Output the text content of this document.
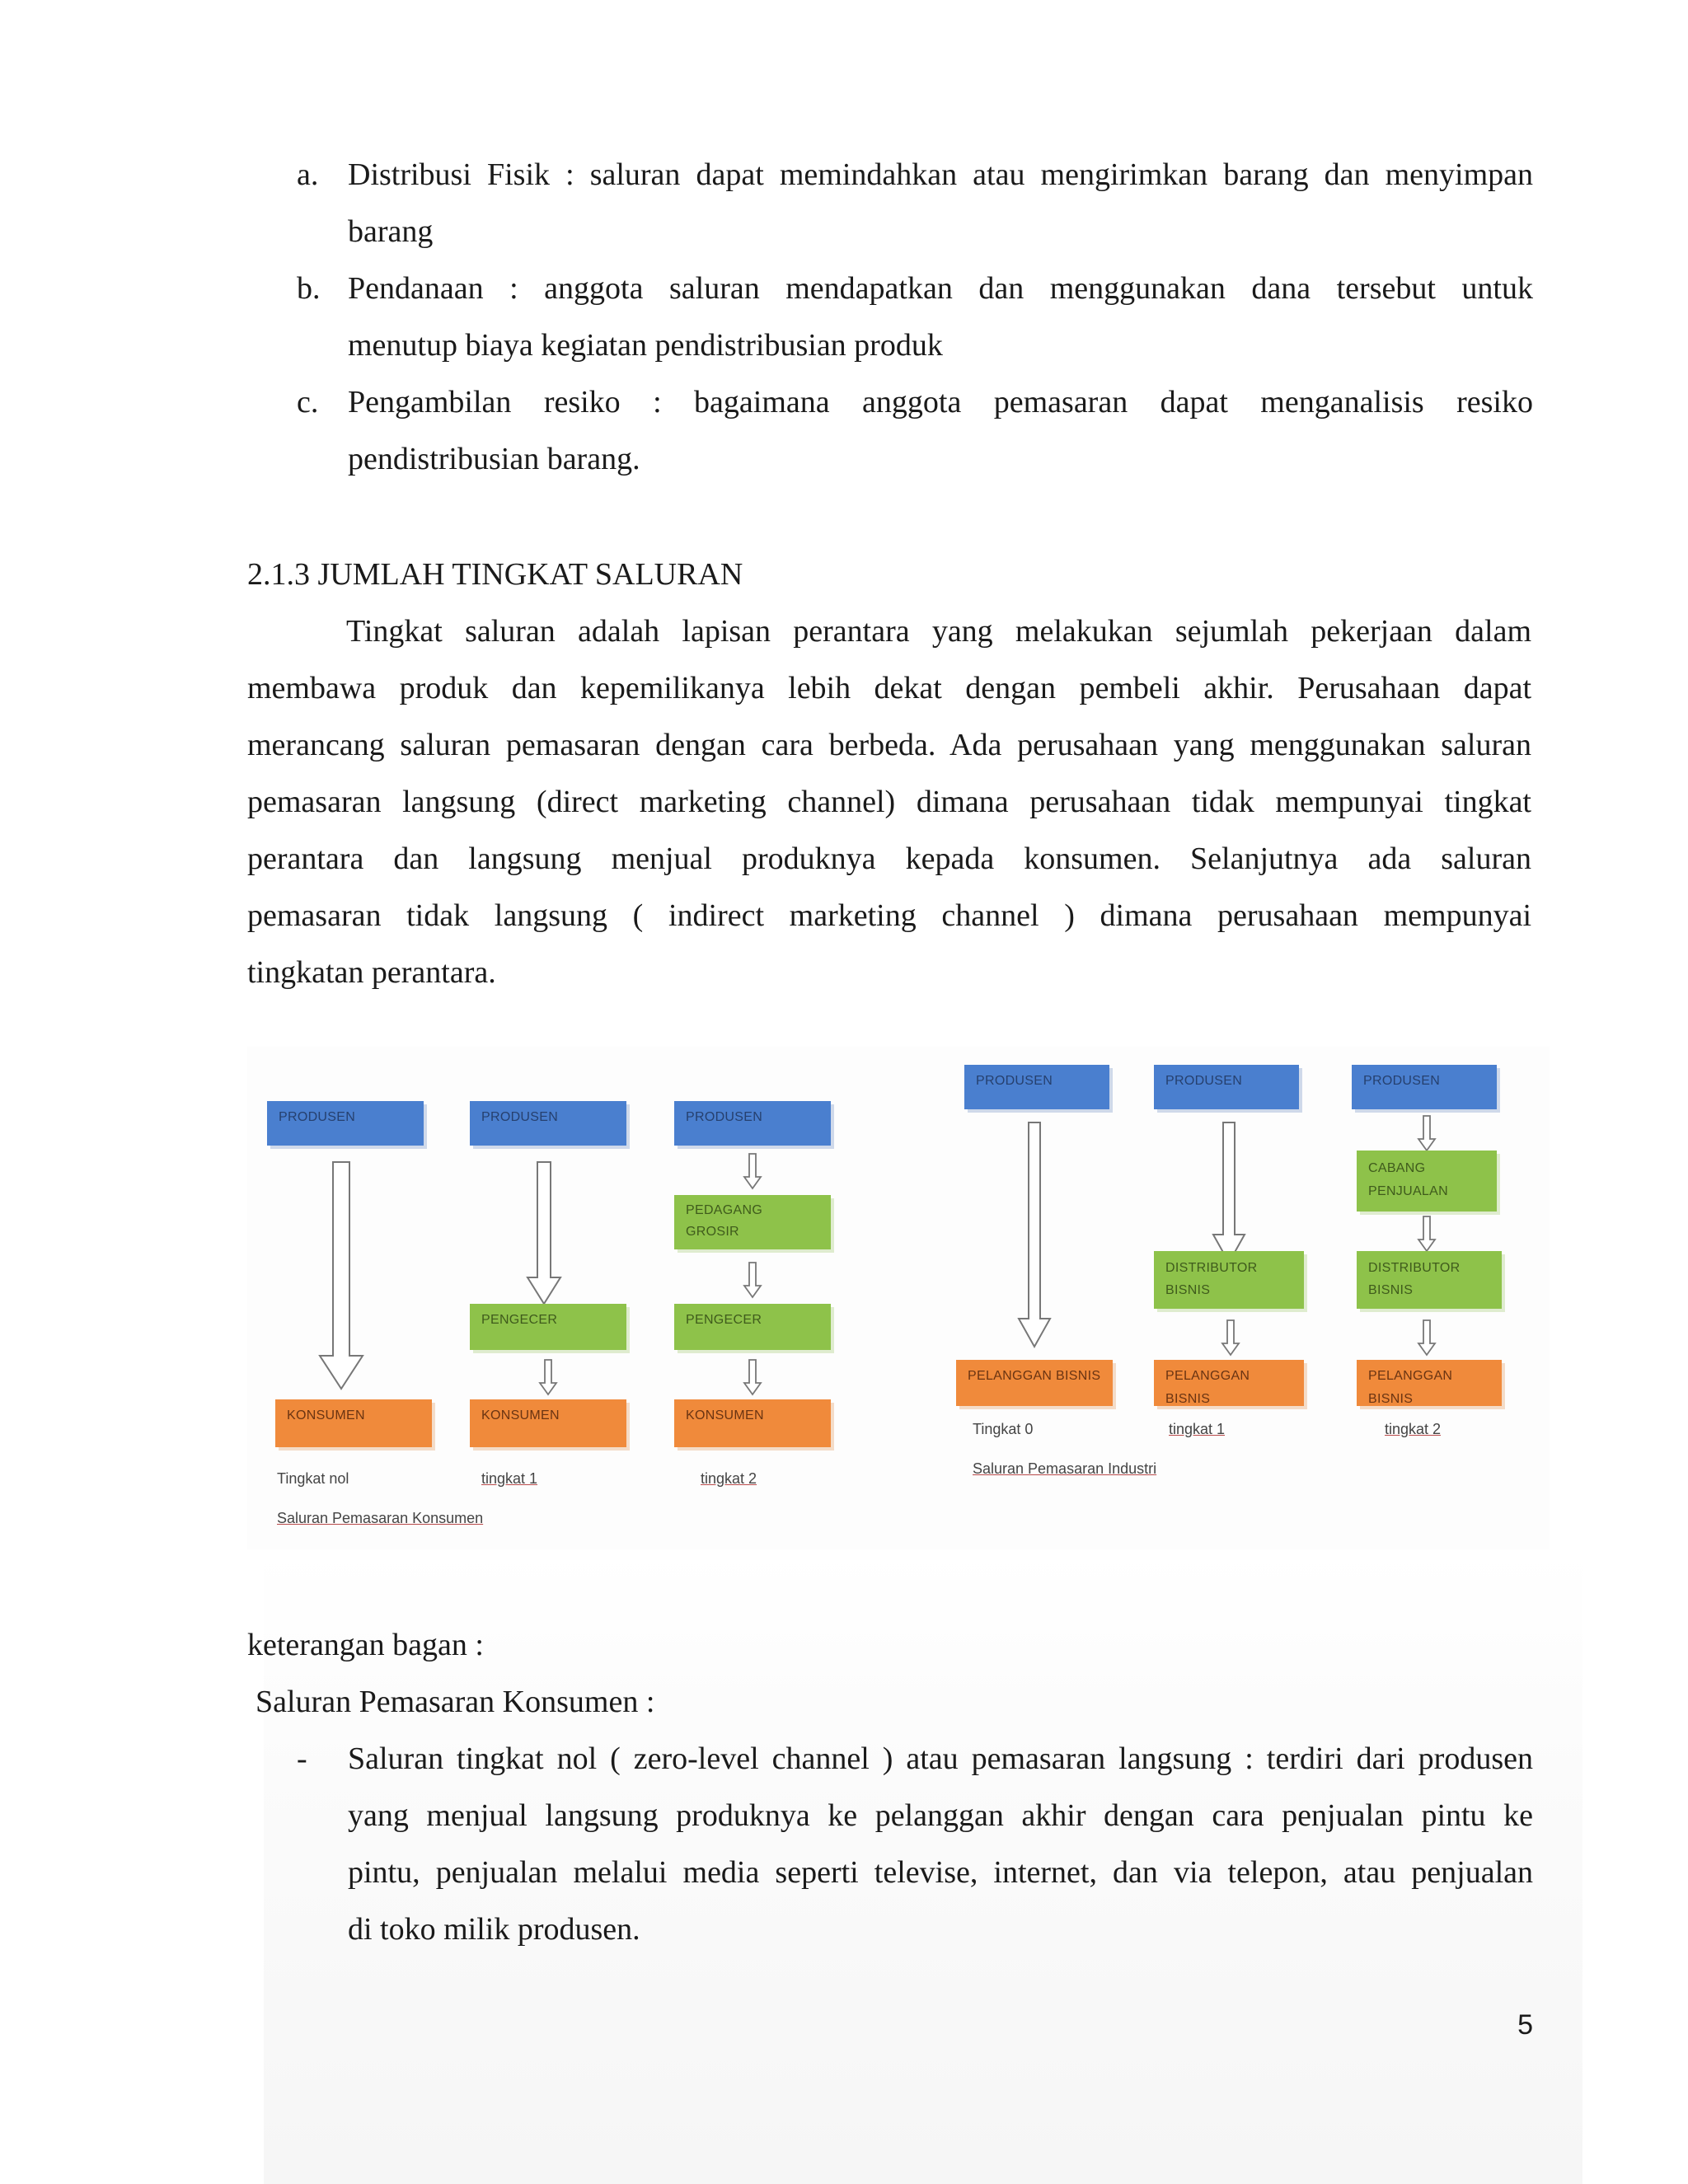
a. Distribusi Fisik : saluran dapat memindahkan atau mengirimkan barang dan menyimpan
barang
b. Pendanaan : anggota saluran mendapatkan dan menggunakan dana tersebut untuk
menutup biaya kegiatan pendistribusian produk
c. Pengambilan resiko : bagaimana anggota pemasaran dapat menganalisis resiko
pendistribusian barang.
2.1.3 JUMLAH TINGKAT SALURAN
Tingkat saluran adalah lapisan perantara yang melakukan sejumlah pekerjaan dalam
membawa produk dan kepemilikanya lebih dekat dengan pembeli akhir. Perusahaan dapat
merancang saluran pemasaran dengan cara berbeda. Ada perusahaan yang menggunakan saluran
pemasaran langsung (direct marketing channel) dimana perusahaan tidak mempunyai tingkat
perantara dan langsung menjual produknya kepada konsumen. Selanjutnya ada saluran
pemasaran tidak langsung ( indirect marketing channel ) dimana perusahaan mempunyai
tingkatan perantara.
PRODUSEN
KONSUMEN
Tingkat nol
Saluran Pemasaran Konsumen
PRODUSEN
PENGECER
KONSUMEN
tingkat 1
PRODUSEN
PEDAGANG
GROSIR
PENGECER
KONSUMEN
tingkat 2
PRODUSEN
PELANGGAN BISNIS
Tingkat 0
Saluran Pemasaran Industri
PRODUSEN
DISTRIBUTOR
BISNIS
PELANGGAN BISNIS
tingkat 1
PRODUSEN
CABANG
PENJUALAN
DISTRIBUTOR
BISNIS
PELANGGAN BISNIS
tingkat 2
keterangan bagan :
Saluran Pemasaran Konsumen :
- Saluran tingkat nol ( zero-level channel ) atau pemasaran langsung : terdiri dari produsen
yang menjual langsung produknya ke pelanggan akhir dengan cara penjualan pintu ke
pintu, penjualan melalui media seperti televise, internet, dan via telepon, atau penjualan
di toko milik produsen.
5
